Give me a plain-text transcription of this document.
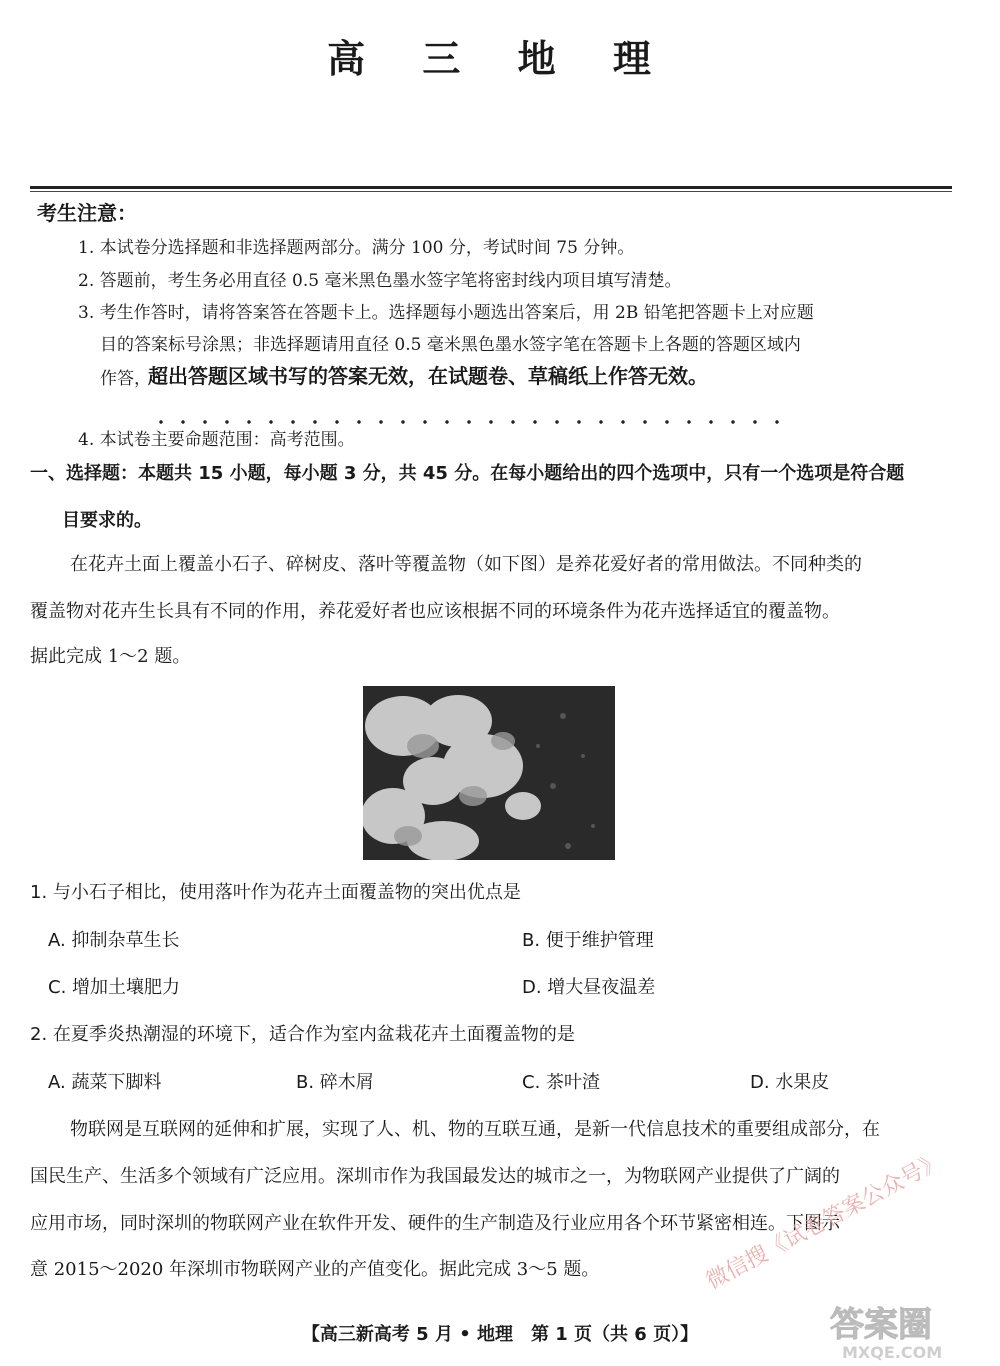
高 三 地 理
考生注意：
1. 本试卷分选择题和非选择题两部分。满分 100 分，考试时间 75 分钟。
2. 答题前，考生务必用直径 0.5 毫米黑色墨水签字笔将密封线内项目填写清楚。
3. 考生作答时，请将答案答在答题卡上。选择题每小题选出答案后，用 2B 铅笔把答题卡上对应题
目的答案标号涂黑；非选择题请用直径 0.5 毫米黑色墨水签字笔在答题卡上各题的答题区域内
作答，
超出答题区域书写的答案无效，在试题卷、草稿纸上作答无效。
4. 本试卷主要命题范围：高考范围。
一、选择题：本题共 15 小题，每小题 3 分，共 45 分。在每小题给出的四个选项中，只有一个选项是符合题
目要求的。
在花卉土面上覆盖小石子、碎树皮、落叶等覆盖物（如下图）是养花爱好者的常用做法。不同种类的
覆盖物对花卉生长具有不同的作用，养花爱好者也应该根据不同的环境条件为花卉选择适宜的覆盖物。
据此完成 1～2 题。
1. 与小石子相比，使用落叶作为花卉土面覆盖物的突出优点是
A. 抑制杂草生长	B. 便于维护管理
C. 增加土壤肥力	D. 增大昼夜温差
2. 在夏季炎热潮湿的环境下，适合作为室内盆栽花卉土面覆盖物的是
A. 蔬菜下脚料	B. 碎木屑	C. 茶叶渣	D. 水果皮
物联网是互联网的延伸和扩展，实现了人、机、物的互联互通，是新一代信息技术的重要组成部分，在
国民生产、生活多个领域有广泛应用。深圳市作为我国最发达的城市之一，为物联网产业提供了广阔的
应用市场，同时深圳的物联网产业在软件开发、硬件的生产制造及行业应用各个环节紧密相连。下图示
意 2015～2020 年深圳市物联网产业的产值变化。据此完成 3～5 题。	微信搜《试卷答案公众号》
【高三新高考 5 月 • 地理　第 1 页（共 6 页）】	答案圈
MXQE.COM
